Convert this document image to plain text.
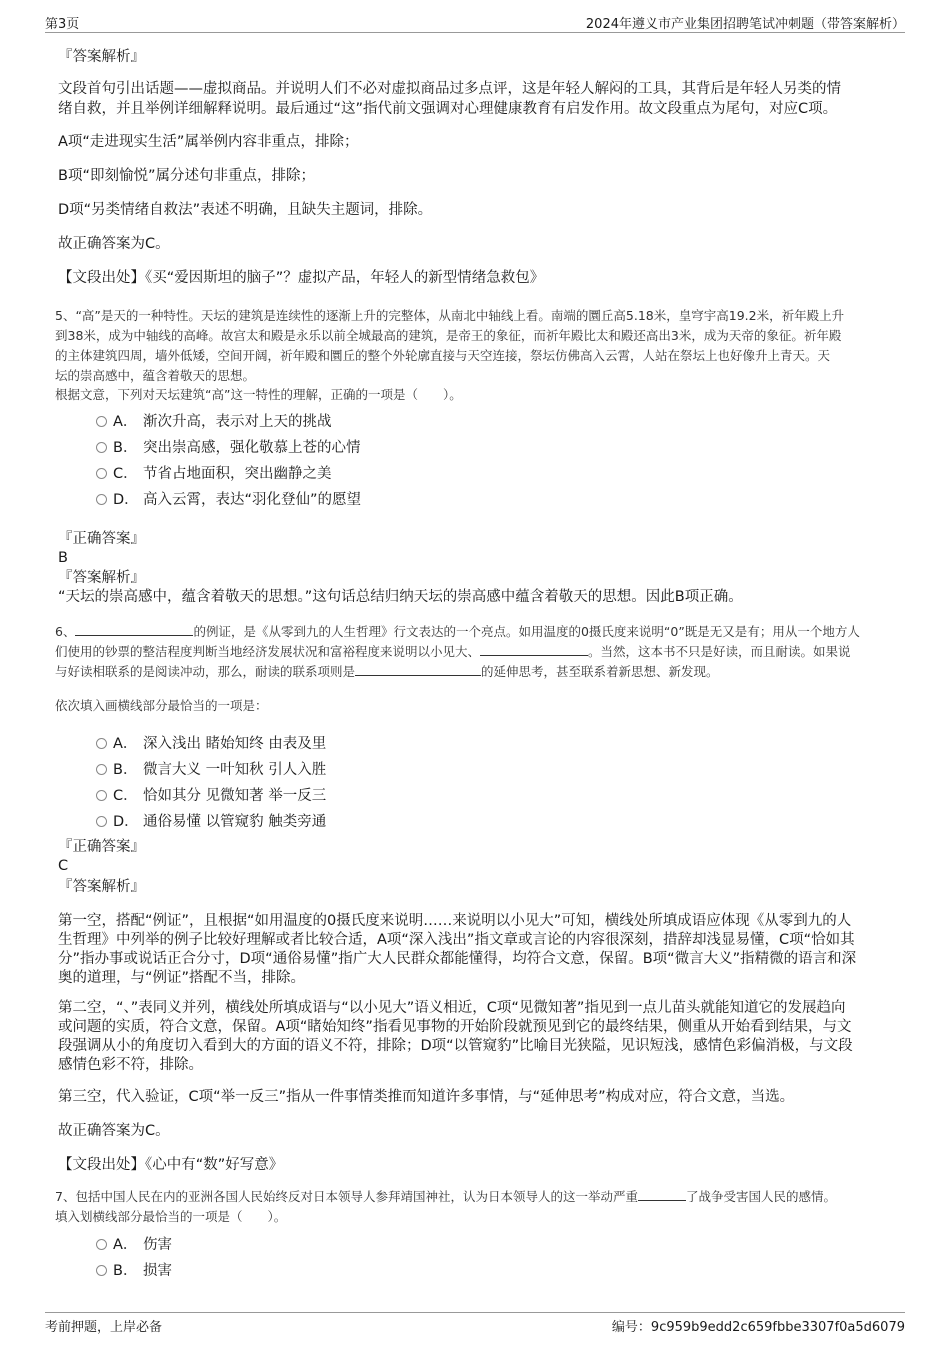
第3页	2024年遵义市产业集团招聘笔试冲刺题（带答案解析）
『答案解析』
文段首句引出话题——虚拟商品。并说明人们不必对虚拟商品过多点评，这是年轻人解闷的工具，其背后是年轻人另类的情
绪自救，并且举例详细解释说明。最后通过“这”指代前文强调对心理健康教育有启发作用。故文段重点为尾句，对应C项。
A项“走进现实生活”属举例内容非重点，排除；
B项“即刻愉悦”属分述句非重点，排除；
D项“另类情绪自救法”表述不明确，且缺失主题词，排除。
故正确答案为C。
【文段出处】《买“爱因斯坦的脑子”？虚拟产品，年轻人的新型情绪急救包》
5、“高”是天的一种特性。天坛的建筑是连续性的逐渐上升的完整体，从南北中轴线上看。南端的圜丘高5.18米，皇穹宇高19.2米，祈年殿上升
到38米，成为中轴线的高峰。故宫太和殿是永乐以前全城最高的建筑，是帝王的象征，而祈年殿比太和殿还高出3米，成为天帝的象征。祈年殿
的主体建筑四周，墙外低矮，空间开阔，祈年殿和圜丘的整个外轮廓直接与天空连接，祭坛仿佛高入云霄，人站在祭坛上也好像升上青天。天
坛的崇高感中，蕴含着敬天的思想。
根据文意，下列对天坛建筑“高”这一特性的理解，正确的一项是（　　）。
A． 渐次升高，表示对上天的挑战
B． 突出崇高感，强化敬慕上苍的心情
C． 节省占地面积，突出幽静之美
D． 高入云霄，表达“羽化登仙”的愿望
『正确答案』
B
『答案解析』
“天坛的崇高感中，蕴含着敬天的思想。”这句话总结归纳天坛的崇高感中蕴含着敬天的思想。因此B项正确。
6、	的例证，是《从零到九的人生哲理》行文表达的一个亮点。如用温度的0摄氏度来说明“0”既是无又是有；用从一个地方人
们使用的钞票的整洁程度判断当地经济发展状况和富裕程度来说明以小见大、	。当然，这本书不只是好读，而且耐读。如果说
与好读相联系的是阅读冲动，那么，耐读的联系项则是	的延伸思考，甚至联系着新思想、新发现。
依次填入画横线部分最恰当的一项是：
A． 深入浅出 睹始知终 由表及里
B． 微言大义 一叶知秋 引人入胜
C． 恰如其分 见微知著 举一反三
D． 通俗易懂 以管窥豹 触类旁通
『正确答案』
C
『答案解析』
第一空，搭配“例证”，且根据“如用温度的0摄氏度来说明……来说明以小见大”可知，横线处所填成语应体现《从零到九的人
生哲理》中列举的例子比较好理解或者比较合适，A项“深入浅出”指文章或言论的内容很深刻，措辞却浅显易懂，C项“恰如其
分”指办事或说话正合分寸，D项“通俗易懂”指广大人民群众都能懂得，均符合文意，保留。B项“微言大义”指精微的语言和深
奥的道理，与“例证”搭配不当，排除。
第二空，“、”表同义并列，横线处所填成语与“以小见大”语义相近，C项“见微知著”指见到一点儿苗头就能知道它的发展趋向
或问题的实质，符合文意，保留。A项“睹始知终”指看见事物的开始阶段就预见到它的最终结果，侧重从开始看到结果，与文
段强调从小的角度切入看到大的方面的语义不符，排除；D项“以管窥豹”比喻目光狭隘，见识短浅，感情色彩偏消极，与文段
感情色彩不符，排除。
第三空，代入验证，C项“举一反三”指从一件事情类推而知道许多事情，与“延伸思考”构成对应，符合文意，当选。
故正确答案为C。
【文段出处】《心中有“数”好写意》
7、包括中国人民在内的亚洲各国人民始终反对日本领导人参拜靖国神社，认为日本领导人的这一举动严重	了战争受害国人民的感情。
填入划横线部分最恰当的一项是（　　）。
A． 伤害
B． 损害
考前押题，上岸必备	编号：9c959b9edd2c659fbbe3307f0a5d6079
